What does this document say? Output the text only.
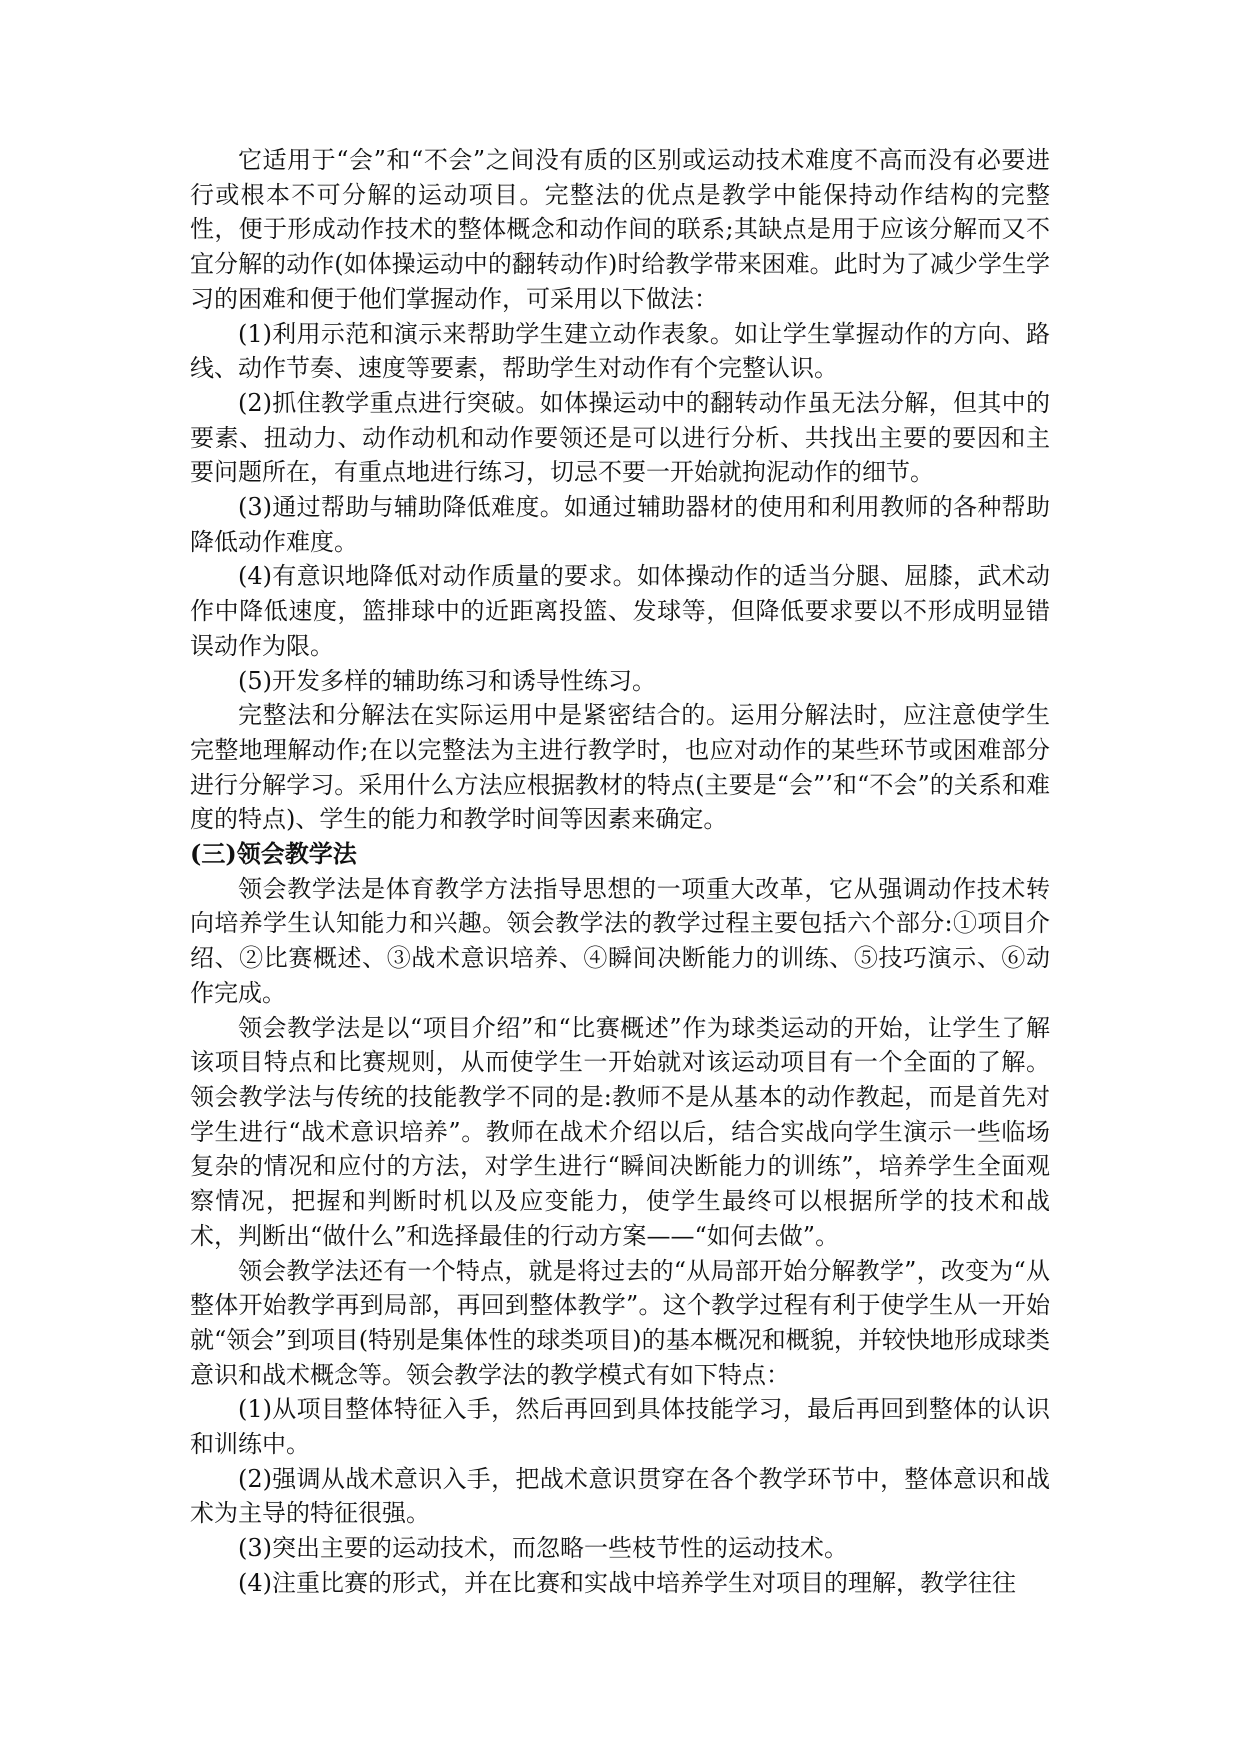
它适用于“会”和“不会”之间没有质的区别或运动技术难度不高而没有必要进行或根本不可分解的运动项目。完整法的优点是教学中能保持动作结构的完整性，便于形成动作技术的整体概念和动作间的联系;其缺点是用于应该分解而又不宜分解的动作(如体操运动中的翻转动作)时给教学带来困难。此时为了减少学生学习的困难和便于他们掌握动作，可采用以下做法：

(1)利用示范和演示来帮助学生建立动作表象。如让学生掌握动作的方向、路线、动作节奏、速度等要素，帮助学生对动作有个完整认识。

(2)抓住教学重点进行突破。如体操运动中的翻转动作虽无法分解，但其中的要素、扭动力、动作动机和动作要领还是可以进行分析、共找出主要的要因和主要问题所在，有重点地进行练习，切忌不要一开始就拘泥动作的细节。

(3)通过帮助与辅助降低难度。如通过辅助器材的使用和利用教师的各种帮助降低动作难度。

(4)有意识地降低对动作质量的要求。如体操动作的适当分腿、屈膝，武术动作中降低速度，篮排球中的近距离投篮、发球等，但降低要求要以不形成明显错误动作为限。

(5)开发多样的辅助练习和诱导性练习。

完整法和分解法在实际运用中是紧密结合的。运用分解法时，应注意使学生完整地理解动作;在以完整法为主进行教学时，也应对动作的某些环节或困难部分进行分解学习。采用什么方法应根据教材的特点(主要是“会”’和“不会”的关系和难度的特点)、学生的能力和教学时间等因素来确定。

(三)领会教学法

领会教学法是体育教学方法指导思想的一项重大改革，它从强调动作技术转向培养学生认知能力和兴趣。领会教学法的教学过程主要包括六个部分:①项目介绍、②比赛概述、③战术意识培养、④瞬间决断能力的训练、⑤技巧演示、⑥动作完成。

领会教学法是以“项目介绍”和“比赛概述”作为球类运动的开始，让学生了解该项目特点和比赛规则，从而使学生一开始就对该运动项目有一个全面的了解。领会教学法与传统的技能教学不同的是:教师不是从基本的动作教起，而是首先对学生进行“战术意识培养”。教师在战术介绍以后，结合实战向学生演示一些临场复杂的情况和应付的方法，对学生进行“瞬间决断能力的训练”，培养学生全面观察情况，把握和判断时机以及应变能力，使学生最终可以根据所学的技术和战术，判断出“做什么”和选择最佳的行动方案——“如何去做”。

领会教学法还有一个特点，就是将过去的“从局部开始分解教学”，改变为“从整体开始教学再到局部，再回到整体教学”。这个教学过程有利于使学生从一开始就“领会”到项目(特别是集体性的球类项目)的基本概况和概貌，并较快地形成球类意识和战术概念等。领会教学法的教学模式有如下特点：

(1)从项目整体特征入手，然后再回到具体技能学习，最后再回到整体的认识和训练中。

(2)强调从战术意识入手，把战术意识贯穿在各个教学环节中，整体意识和战术为主导的特征很强。

(3)突出主要的运动技术，而忽略一些枝节性的运动技术。

(4)注重比赛的形式，并在比赛和实战中培养学生对项目的理解，教学往往
